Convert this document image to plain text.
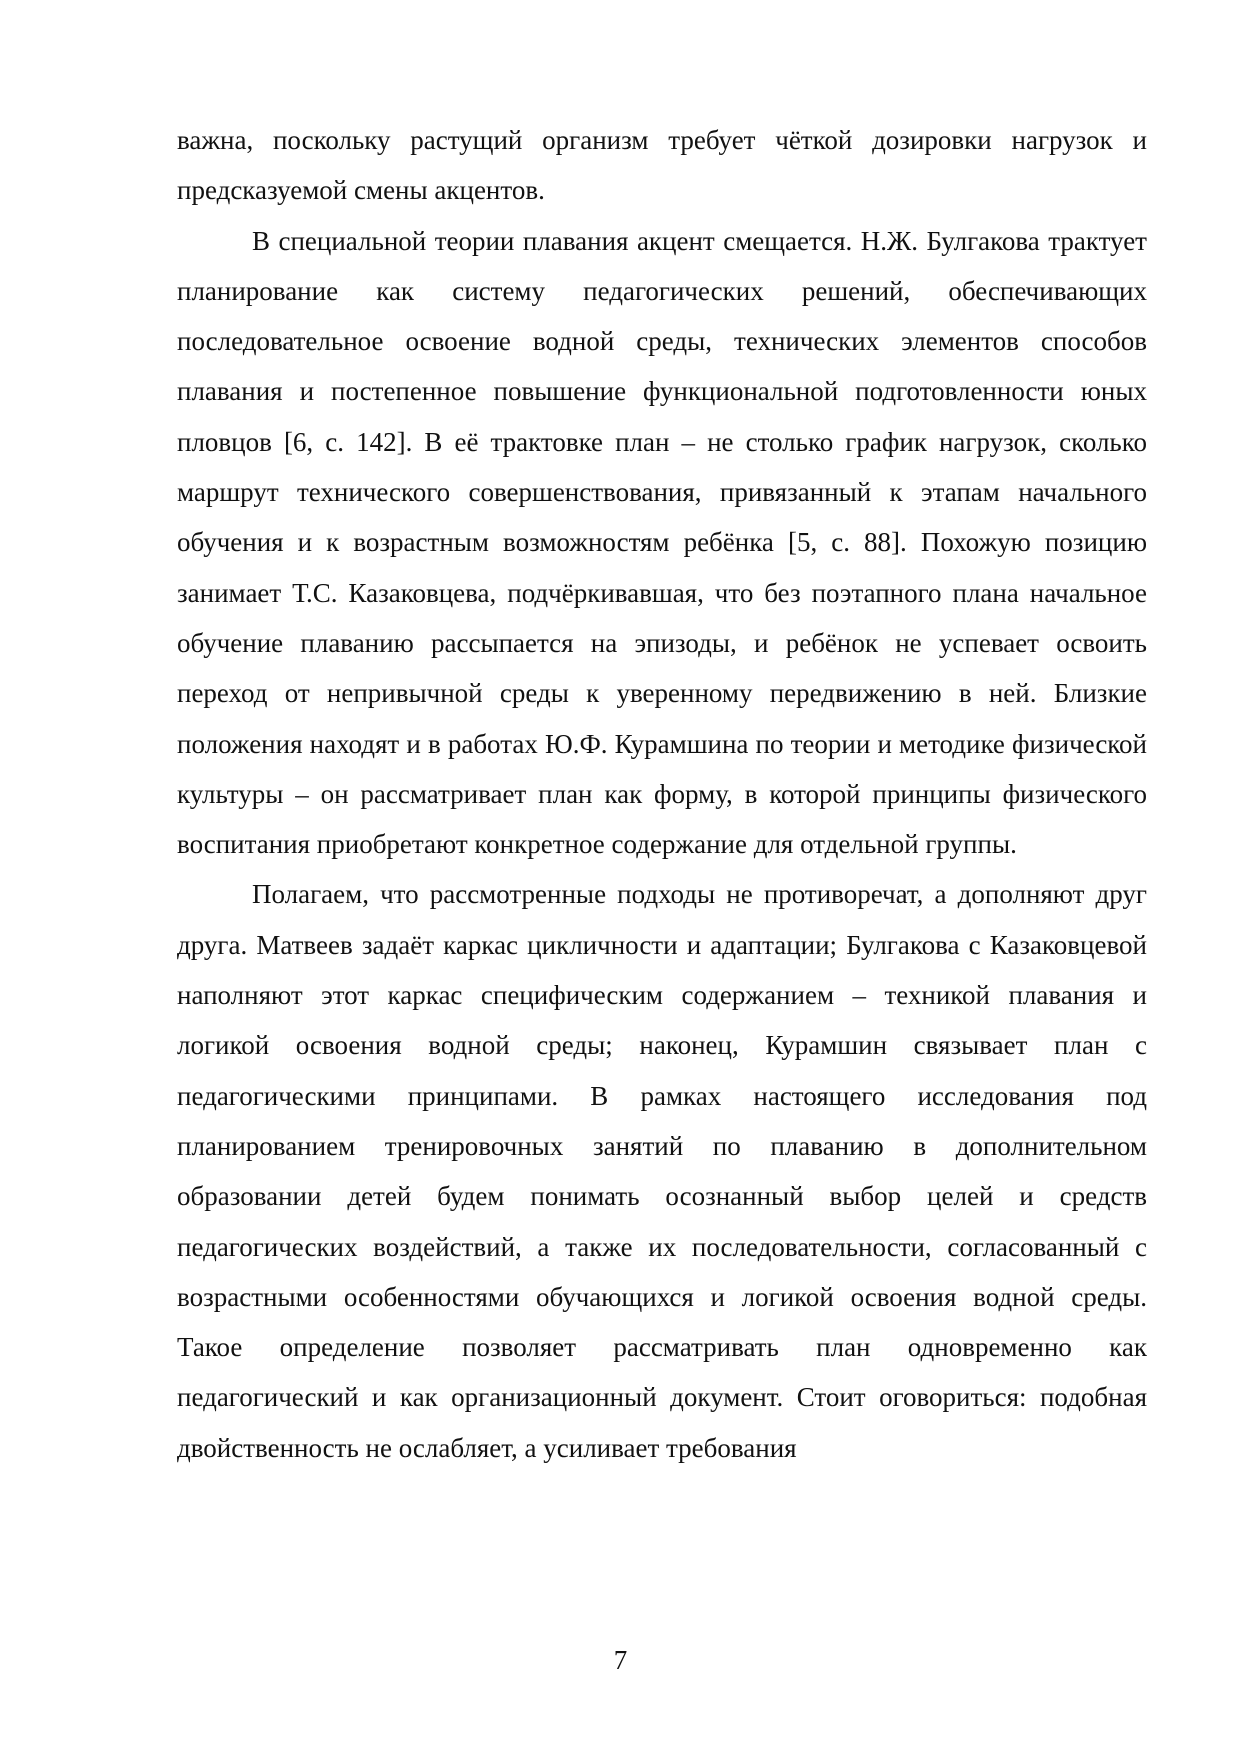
важна, поскольку растущий организм требует чёткой дозировки нагрузок и предсказуемой смены акцентов.

В специальной теории плавания акцент смещается. Н.Ж. Булгакова трактует планирование как систему педагогических решений, обеспечивающих последовательное освоение водной среды, технических элементов способов плавания и постепенное повышение функциональной подготовленности юных пловцов [6, с. 142]. В её трактовке план – не столько график нагрузок, сколько маршрут технического совершенствования, привязанный к этапам начального обучения и к возрастным возможностям ребёнка [5, с. 88]. Похожую позицию занимает Т.С. Казаковцева, подчёркивавшая, что без поэтапного плана начальное обучение плаванию рассыпается на эпизоды, и ребёнок не успевает освоить переход от непривычной среды к уверенному передвижению в ней. Близкие положения находят и в работах Ю.Ф. Курамшина по теории и методике физической культуры – он рассматривает план как форму, в которой принципы физического воспитания приобретают конкретное содержание для отдельной группы.

Полагаем, что рассмотренные подходы не противоречат, а дополняют друг друга. Матвеев задаёт каркас цикличности и адаптации; Булгакова с Казаковцевой наполняют этот каркас специфическим содержанием – техникой плавания и логикой освоения водной среды; наконец, Курамшин связывает план с педагогическими принципами. В рамках настоящего исследования под планированием тренировочных занятий по плаванию в дополнительном образовании детей будем понимать осознанный выбор целей и средств педагогических воздействий, а также их последовательности, согласованный с возрастными особенностями обучающихся и логикой освоения водной среды. Такое определение позволяет рассматривать план одновременно как педагогический и как организационный документ. Стоит оговориться: подобная двойственность не ослабляет, а усиливает требования

7
